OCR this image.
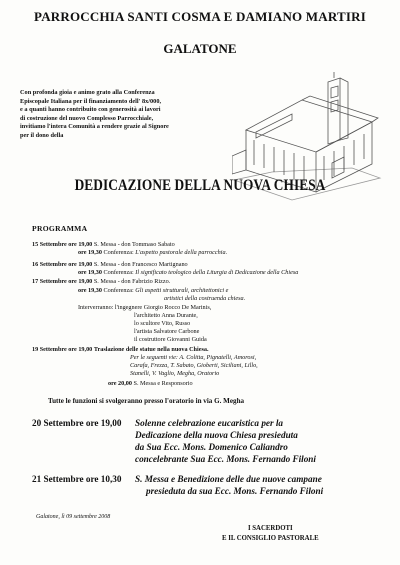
PARROCCHIA SANTI COSMA E DAMIANO MARTIRI
GALATONE
Con profonda gioia e animo grato alla Conferenza
Episcopale Italiana per il finanziamento dell' 8x/000,
e a quanti hanno contribuito con generosità ai lavori
di costruzione del nuovo Complesso Parrocchiale,
invitiamo l'intera Comunità a rendere grazie al Signore
per il dono della
DEDICAZIONE DELLA NUOVA CHIESA
PROGRAMMA
15 Settembre ore 19,00 S. Messa - don Tommaso Sabato
ore 19,30 Conferenza: L'aspetto pastorale della parrocchia.
16 Settembre ore 19,00 S. Messa - don Francesco Martignano
ore 19,30 Conferenza: Il significato teologico della Liturgia di Dedicazione della Chiesa
17 Settembre ore 19,00 S. Messa - don Fabrizio Rizzo.
ore 19,30 Conferenza: Gli aspetti strutturali, architettonici e
artistici della costruenda chiesa.
Interverranno: l'ingegnere Giorgio Rocco De Marinis,
l'architetto Anna Durante,
lo scultore Vito, Russo
l'artista Salvatore Carbone
il costruttore Giovanni Guida
19 Settembre ore 19,00 Traslazione delle statue nella nuova Chiesa.
Per le seguenti vie: A. Colitta, Pignatelli, Amorosi,
Carafa, Frezza, T. Sabato, Gioberti, Siciliani, Lillo,
Stanelli, V. Vaglio, Megha, Oratorio
ore 20,00 S. Messa e Responsorio
Tutte le funzioni si svolgeranno presso l'oratorio in via G. Megha
20 Settembre ore 19,00 Solenne celebrazione eucaristica per la
Dedicazione della nuova Chiesa presieduta
da Sua Ecc. Mons. Domenico Caliandro
concelebrante Sua Ecc. Mons. Fernando Filoni
21 Settembre ore 10,30 S. Messa e Benedizione delle due nuove campane
presieduta da sua Ecc. Mons. Fernando Filoni
Galatone, lì 09 settembre 2008
I SACERDOTI
E IL CONSIGLIO PASTORALE
